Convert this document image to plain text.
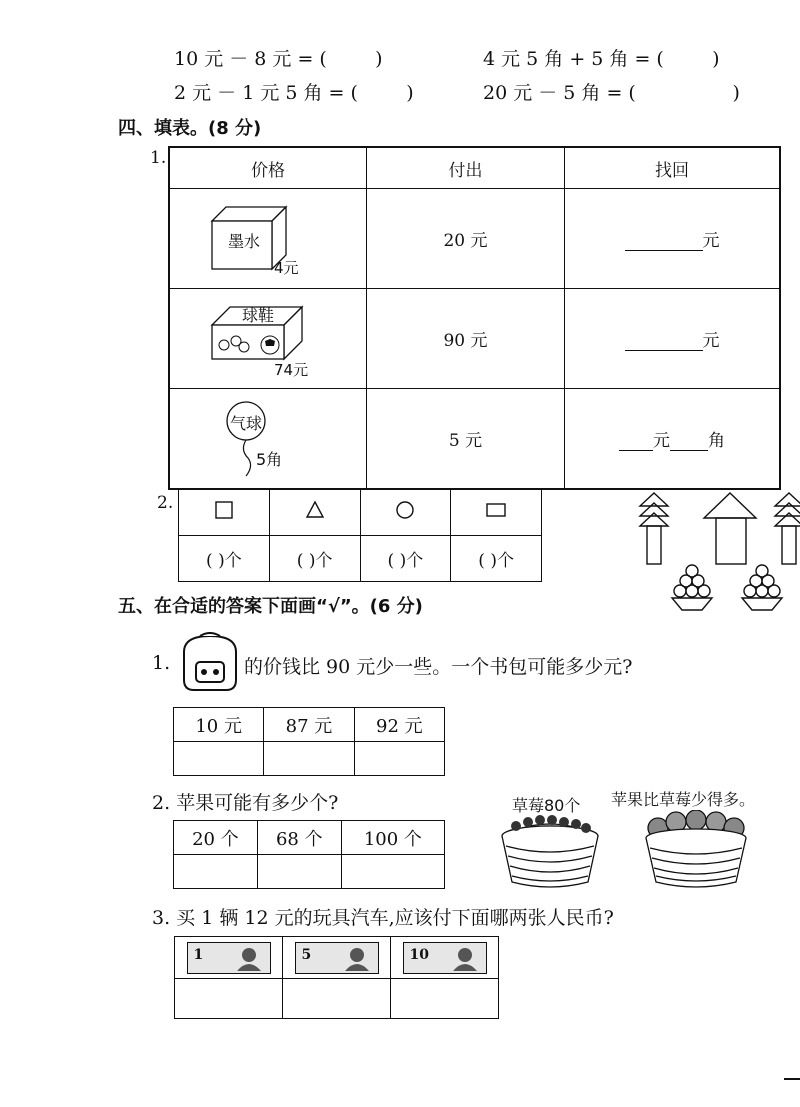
10 元 － 8 元 = (        )	4 元 5 角 + 5 角 = (        )
2 元 － 1 元 5 角 = (        )	20 元 － 5 角 = (                )
四、填表。(8 分)
1.
价格	付出	找回

墨水
4元	20 元	元

球鞋
74元	90 元	元

气球
5角	5 元	元 角
2.

( )个	( )个	( )个	( )个
五、在合适的答案下面画“√”。(6 分)
1.	的价钱比 90 元少一些。一个书包可能多少元?
10 元	87 元	92 元

2. 苹果可能有多少个?
20 个	68 个	100 个

草莓80个 苹果比草莓少得多。
3. 买 1 辆 12 元的玩具汽车,应该付下面哪两张人民币?
1	5	10
